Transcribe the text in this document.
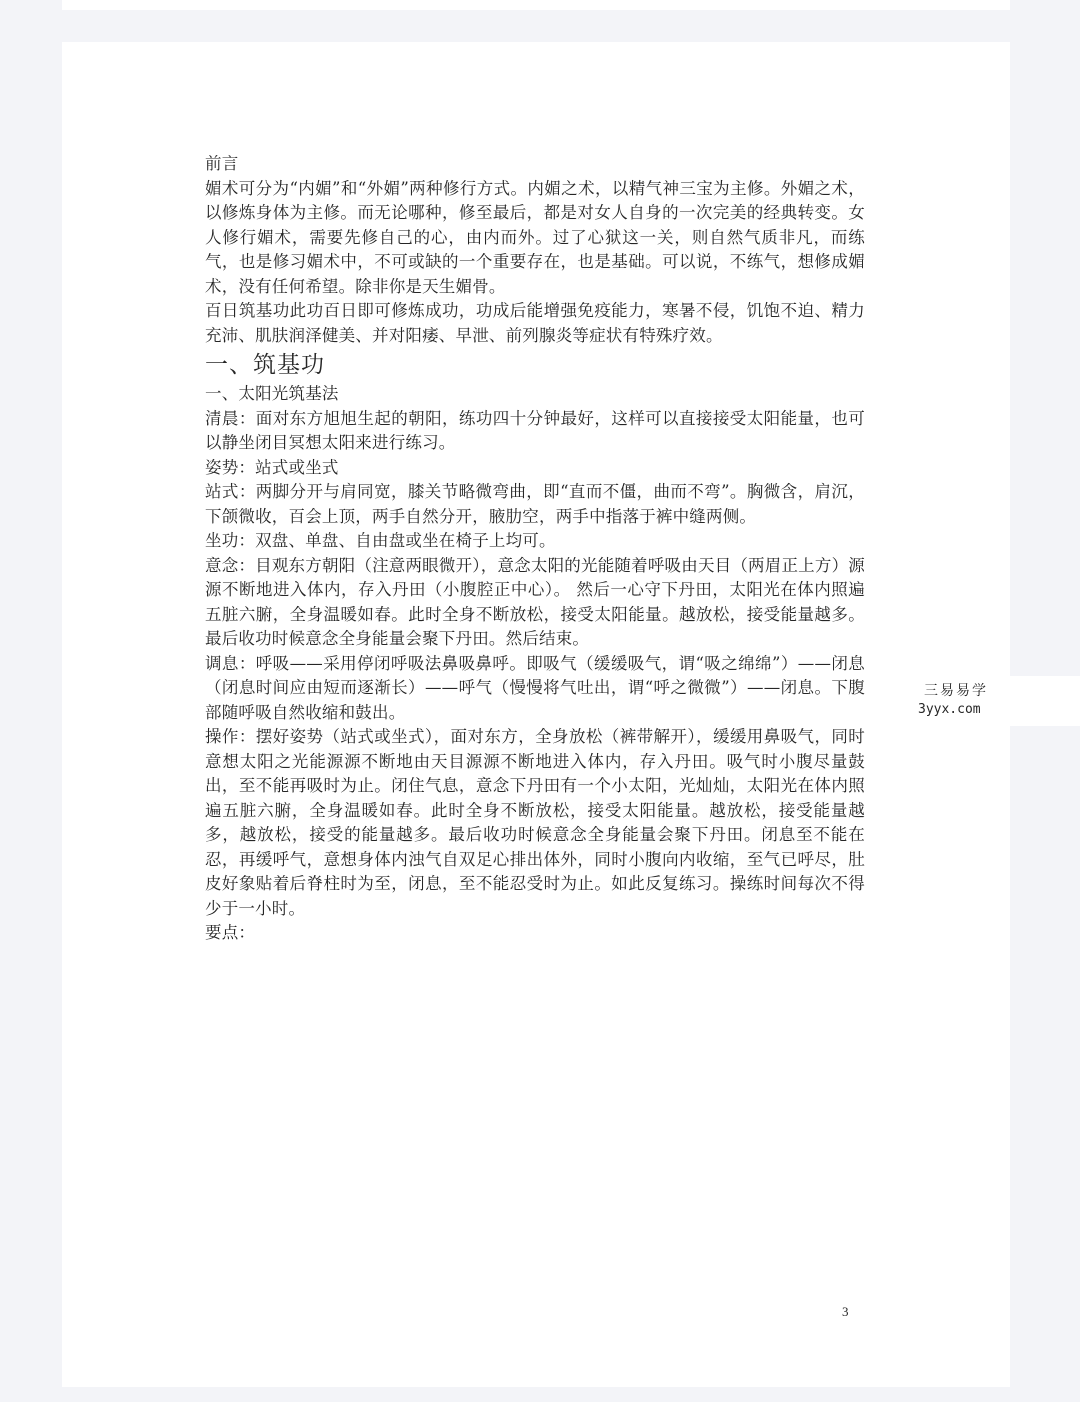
前言

媚术可分为“内媚”和“外媚”两种修行方式。内媚之术，以精气神三宝为主修。外媚之术，以修炼身体为主修。而无论哪种，修至最后，都是对女人自身的一次完美的经典转变。女人修行媚术，需要先修自己的心，由内而外。过了心狱这一关，则自然气质非凡，而练气，也是修习媚术中，不可或缺的一个重要存在，也是基础。可以说，不练气，想修成媚术，没有任何希望。除非你是天生媚骨。

百日筑基功此功百日即可修炼成功，功成后能增强免疫能力，寒暑不侵，饥饱不迫、精力充沛、肌肤润泽健美、并对阳痿、早泄、前列腺炎等症状有特殊疗效。

一、筑基功

一、太阳光筑基法

清晨：面对东方旭旭生起的朝阳，练功四十分钟最好，这样可以直接接受太阳能量，也可以静坐闭目冥想太阳来进行练习。

姿势：站式或坐式

站式：两脚分开与肩同宽，膝关节略微弯曲，即“直而不僵，曲而不弯”。胸微含，肩沉，下颌微收，百会上顶，两手自然分开，腋肋空，两手中指落于裤中缝两侧。

坐功：双盘、单盘、自由盘或坐在椅子上均可。

意念：目观东方朝阳（注意两眼微开），意念太阳的光能随着呼吸由天目（两眉正上方）源源不断地进入体内，存入丹田（小腹腔正中心）。 然后一心守下丹田，太阳光在体内照遍五脏六腑，全身温暖如春。此时全身不断放松，接受太阳能量。越放松，接受能量越多。最后收功时候意念全身能量会聚下丹田。然后结束。

调息：呼吸——采用停闭呼吸法鼻吸鼻呼。即吸气（缓缓吸气，谓“吸之绵绵”）——闭息（闭息时间应由短而逐渐长）——呼气（慢慢将气吐出，谓“呼之微微”）——闭息。下腹部随呼吸自然收缩和鼓出。

操作：摆好姿势（站式或坐式），面对东方，全身放松（裤带解开），缓缓用鼻吸气，同时意想太阳之光能源源不断地由天目源源不断地进入体内，存入丹田。吸气时小腹尽量鼓出，至不能再吸时为止。闭住气息，意念下丹田有一个小太阳，光灿灿，太阳光在体内照遍五脏六腑，全身温暖如春。此时全身不断放松，接受太阳能量。越放松，接受能量越多，越放松，接受的能量越多。最后收功时候意念全身能量会聚下丹田。闭息至不能在忍，再缓呼气，意想身体内浊气自双足心排出体外，同时小腹向内收缩，至气已呼尽，肚皮好象贴着后脊柱时为至，闭息，至不能忍受时为止。如此反复练习。操练时间每次不得少于一小时。

要点：

3
三易易学
3yyx.com
